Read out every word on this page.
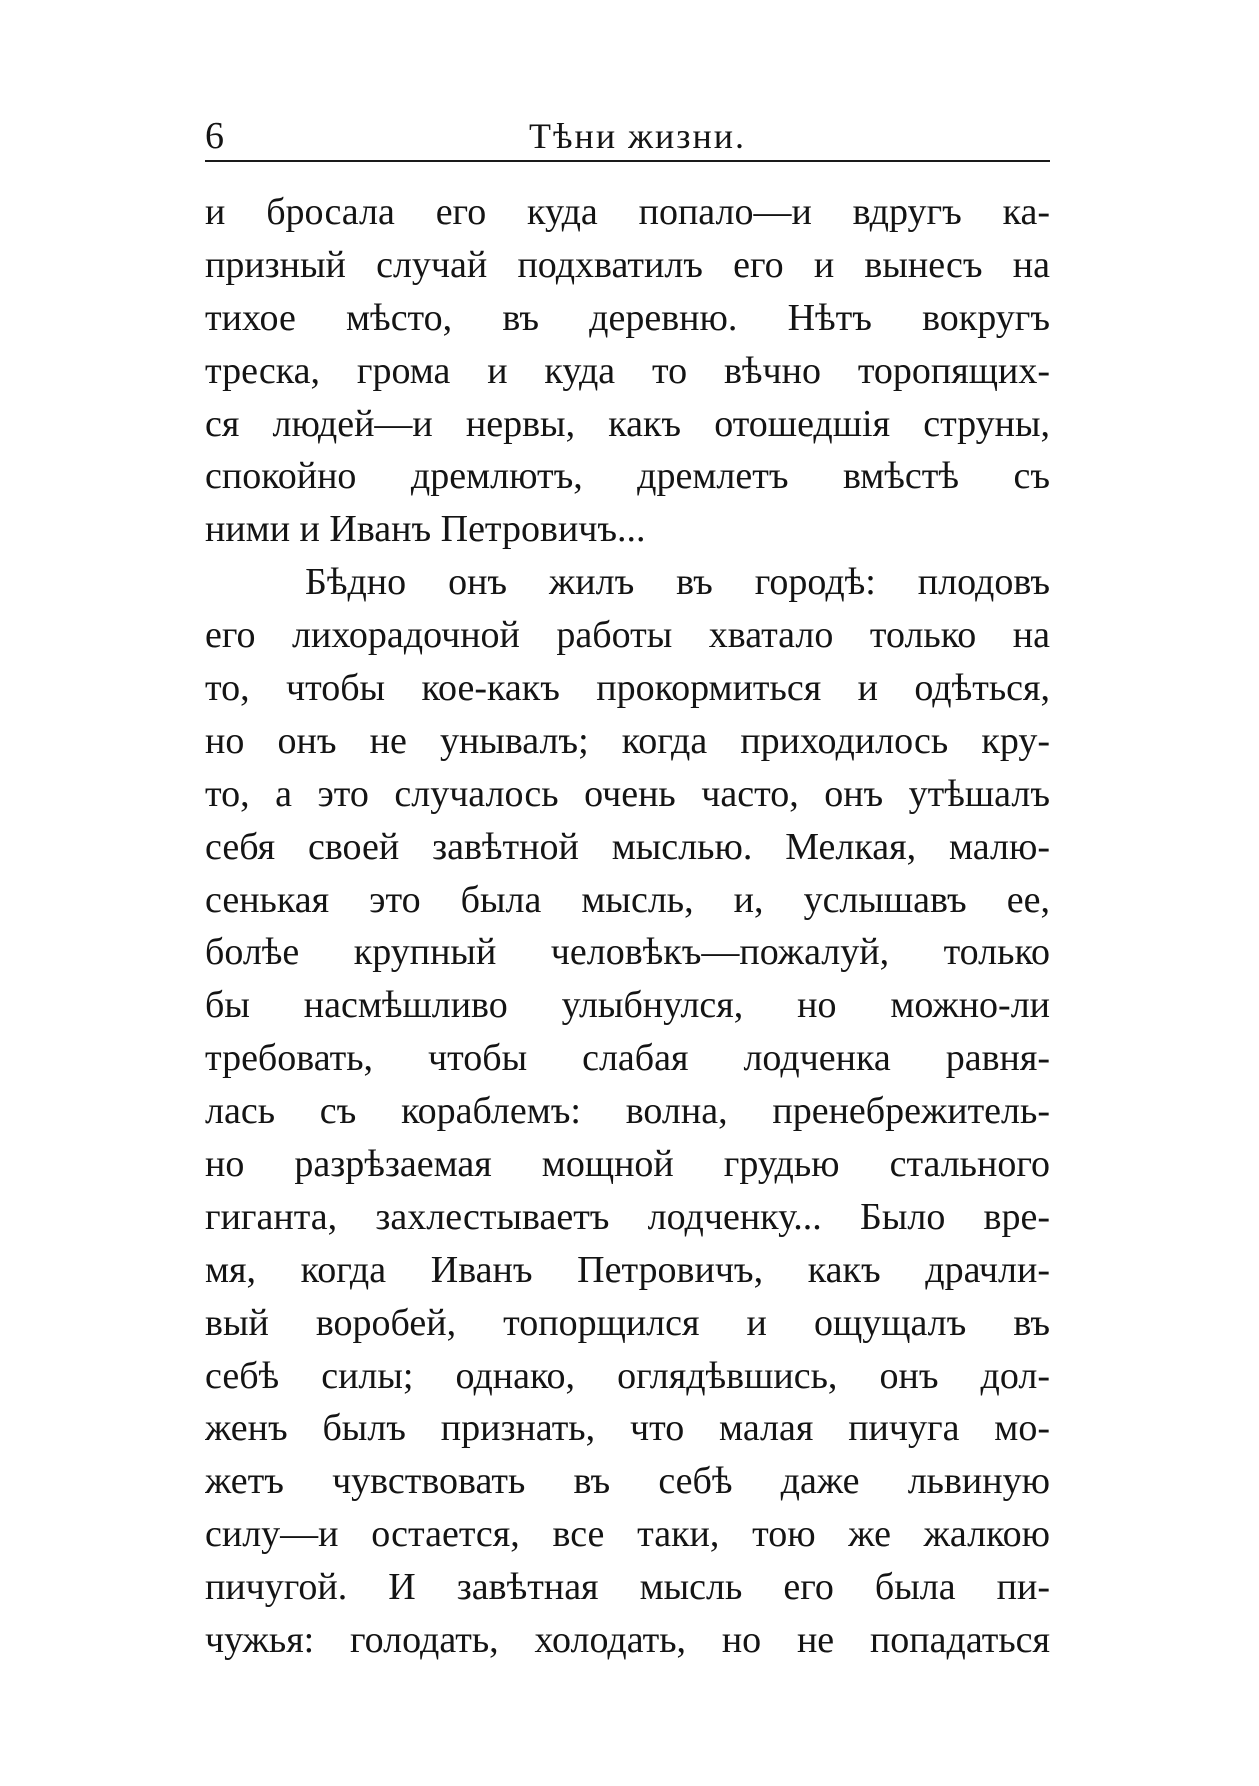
6	Тѣни жизни.
и бросала его куда попало—и вдругъ ка-
призный случай подхватилъ его и вынесъ на
тихое мѣсто, въ деревню. Нѣтъ вокругъ
треска, грома и куда то вѣчно торопящих-
ся людей—и нервы, какъ отошедшія струны,
спокойно дремлютъ, дремлетъ вмѣстѣ съ
ними и Иванъ Петровичъ...
Бѣдно онъ жилъ въ городѣ: плодовъ
его лихорадочной работы хватало только на
то, чтобы кое-какъ прокормиться и одѣться,
но онъ не унывалъ; когда приходилось кру-
то, а это случалось очень часто, онъ утѣшалъ
себя своей завѣтной мыслью. Мелкая, малю-
сенькая это была мысль, и, услышавъ ее,
болѣе крупный человѣкъ—пожалуй, только
бы насмѣшливо улыбнулся, но можно-ли
требовать, чтобы слабая лодченка равня-
лась съ кораблемъ: волна, пренебрежитель-
но разрѣзаемая мощной грудью стального
гиганта, захлестываетъ лодченку... Было вре-
мя, когда Иванъ Петровичъ, какъ драчли-
вый воробей, топорщился и ощущалъ въ
себѣ силы; однако, оглядѣвшись, онъ дол-
женъ былъ признать, что малая пичуга мо-
жетъ чувствовать въ себѣ даже львиную
силу—и остается, все таки, тою же жалкою
пичугой. И завѣтная мысль его была пи-
чужья: голодать, холодать, но не попадаться
